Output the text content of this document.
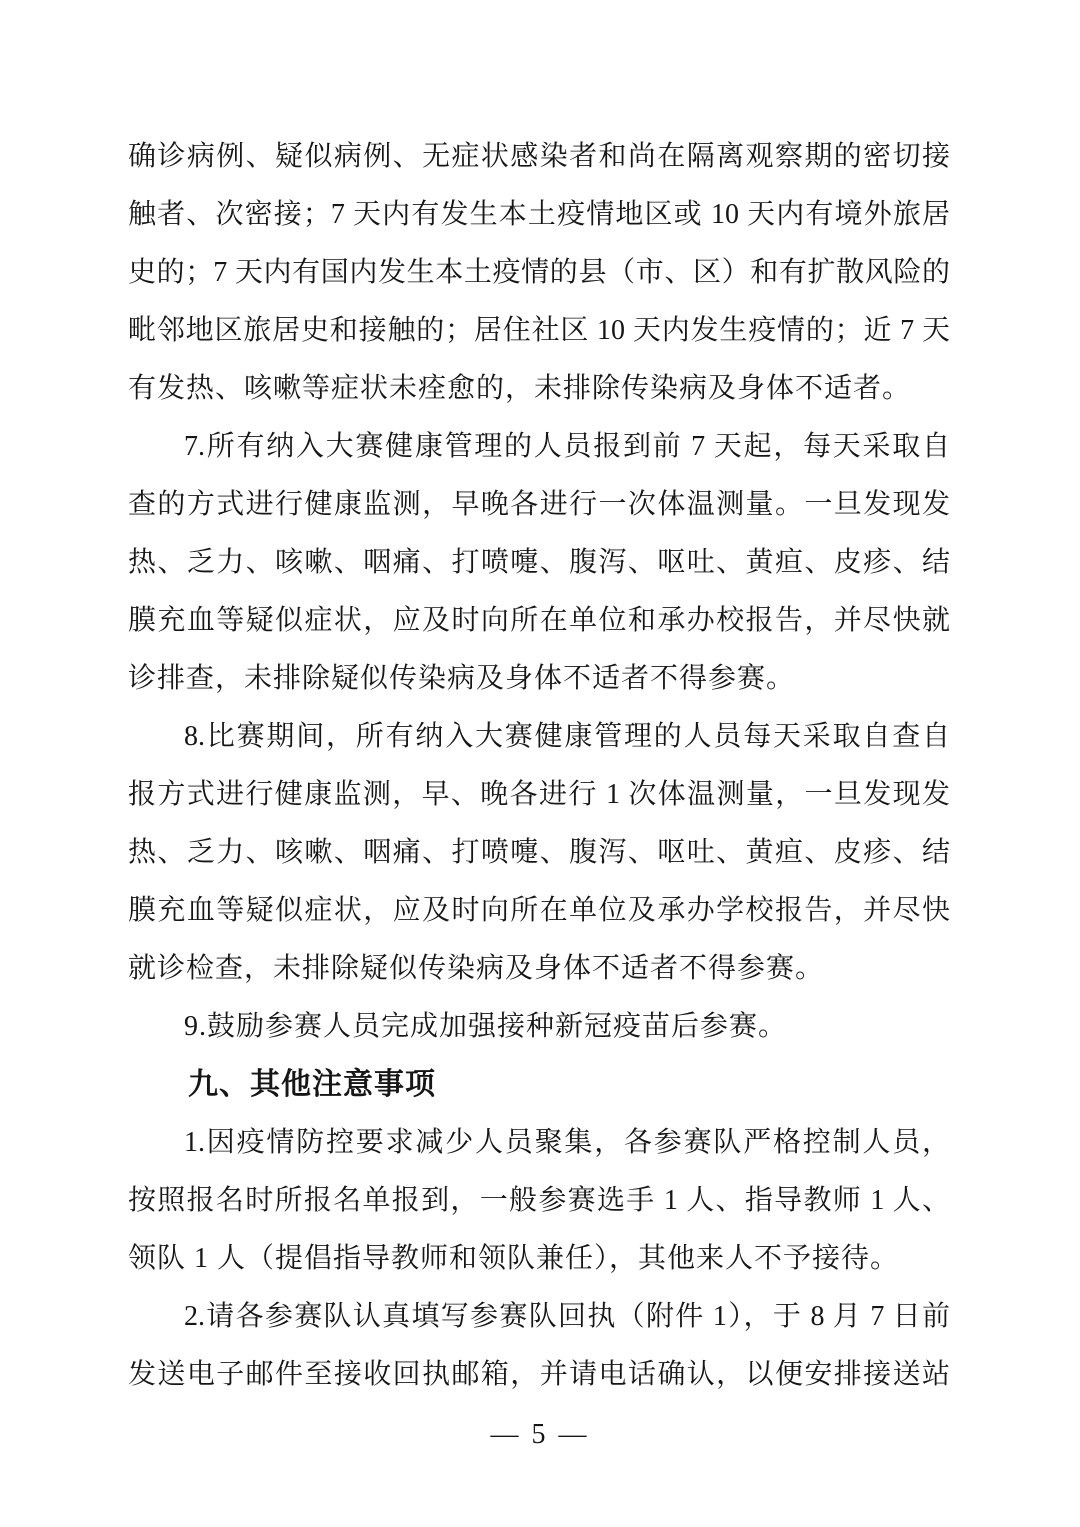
确诊病例、疑似病例、无症状感染者和尚在隔离观察期的密切接
触者、次密接；7 天内有发生本土疫情地区或 10 天内有境外旅居
史的；7 天内有国内发生本土疫情的县（市、区）和有扩散风险的
毗邻地区旅居史和接触的；居住社区 10 天内发生疫情的；近 7 天
有发热、咳嗽等症状未痊愈的，未排除传染病及身体不适者。
7.所有纳入大赛健康管理的人员报到前 7 天起，每天采取自
查的方式进行健康监测，早晚各进行一次体温测量。一旦发现发
热、乏力、咳嗽、咽痛、打喷嚏、腹泻、呕吐、黄疸、皮疹、结
膜充血等疑似症状，应及时向所在单位和承办校报告，并尽快就
诊排查，未排除疑似传染病及身体不适者不得参赛。
8.比赛期间，所有纳入大赛健康管理的人员每天采取自查自
报方式进行健康监测，早、晚各进行 1 次体温测量，一旦发现发
热、乏力、咳嗽、咽痛、打喷嚏、腹泻、呕吐、黄疸、皮疹、结
膜充血等疑似症状，应及时向所在单位及承办学校报告，并尽快
就诊检查，未排除疑似传染病及身体不适者不得参赛。
9.鼓励参赛人员完成加强接种新冠疫苗后参赛。
九、其他注意事项
1.因疫情防控要求减少人员聚集，各参赛队严格控制人员，
按照报名时所报名单报到，一般参赛选手 1 人、指导教师 1 人、
领队 1 人（提倡指导教师和领队兼任），其他来人不予接待。
2.请各参赛队认真填写参赛队回执（附件 1），于 8 月 7 日前
发送电子邮件至接收回执邮箱，并请电话确认，以便安排接送站
— 5 —
